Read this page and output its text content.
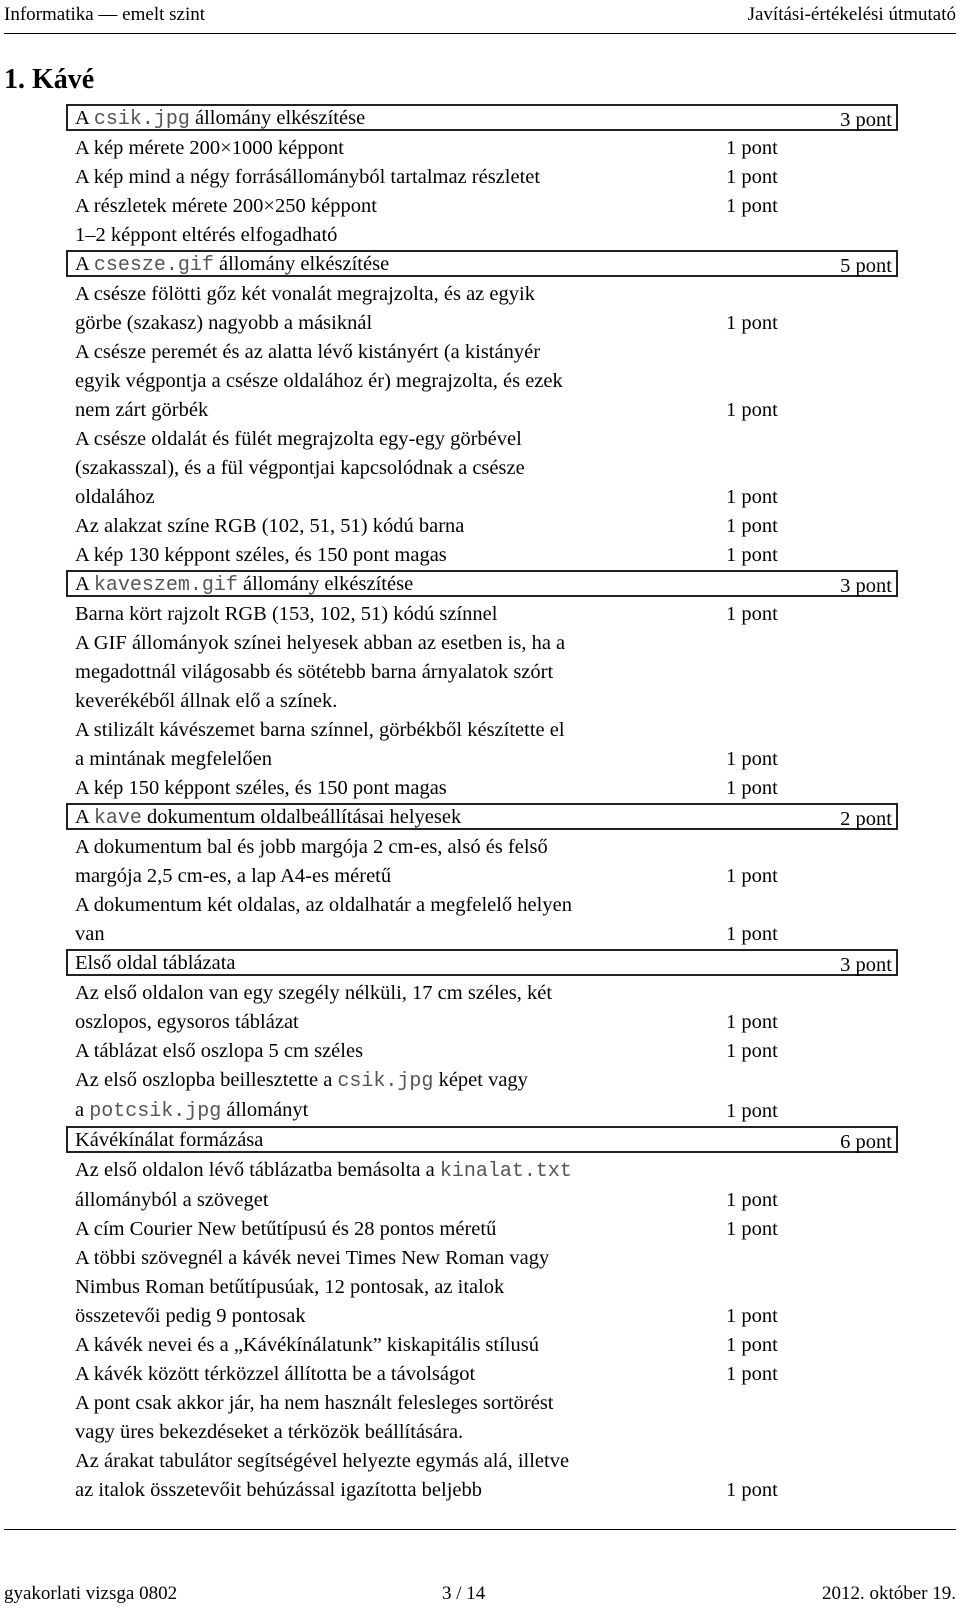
Informatika — emelt szint	Javítási-értékelési útmutató
1. Kávé
A csik.jpg állomány elkészítése	3 pont
A kép mérete 200×1000 képpont	1 pont
A kép mind a négy forrásállományból tartalmaz részletet	1 pont
A részletek mérete 200×250 képpont	1 pont
1–2 képpont eltérés elfogadható
A csesze.gif állomány elkészítése	5 pont
A csésze fölötti gőz két vonalát megrajzolta, és az egyik
görbe (szakasz) nagyobb a másiknál	1 pont
A csésze peremét és az alatta lévő kistányért (a kistányér
egyik végpontja a csésze oldalához ér) megrajzolta, és ezek
nem zárt görbék	1 pont
A csésze oldalát és fülét megrajzolta egy-egy görbével
(szakasszal), és a fül végpontjai kapcsolódnak a csésze
oldalához	1 pont
Az alakzat színe RGB (102, 51, 51) kódú barna	1 pont
A kép 130 képpont széles, és 150 pont magas	1 pont
A kaveszem.gif állomány elkészítése	3 pont
Barna kört rajzolt RGB (153, 102, 51) kódú színnel	1 pont
A GIF állományok színei helyesek abban az esetben is, ha a
megadottnál világosabb és sötétebb barna árnyalatok szórt
keverékéből állnak elő a színek.
A stilizált kávészemet barna színnel, görbékből készítette el
a mintának megfelelően	1 pont
A kép 150 képpont széles, és 150 pont magas	1 pont
A kave dokumentum oldalbeállításai helyesek	2 pont
A dokumentum bal és jobb margója 2 cm-es, alsó és felső
margója 2,5 cm-es, a lap A4-es méretű	1 pont
A dokumentum két oldalas, az oldalhatár a megfelelő helyen
van	1 pont
Első oldal táblázata	3 pont
Az első oldalon van egy szegély nélküli, 17 cm széles, két
oszlopos, egysoros táblázat	1 pont
A táblázat első oszlopa 5 cm széles	1 pont
Az első oszlopba beillesztette a csik.jpg képet vagy
a potcsik.jpg állományt	1 pont
Kávékínálat formázása	6 pont
Az első oldalon lévő táblázatba bemásolta a kinalat.txt
állományból a szöveget	1 pont
A cím Courier New betűtípusú és 28 pontos méretű	1 pont
A többi szövegnél a kávék nevei Times New Roman vagy
Nimbus Roman betűtípusúak, 12 pontosak, az italok
összetevői pedig 9 pontosak	1 pont
A kávék nevei és a „Kávékínálatunk” kiskapitális stílusú	1 pont
A kávék között térközzel állította be a távolságot	1 pont
A pont csak akkor jár, ha nem használt felesleges sortörést
vagy üres bekezdéseket a térközök beállítására.
Az árakat tabulátor segítségével helyezte egymás alá, illetve
az italok összetevőit behúzással igazította beljebb	1 pont
gyakorlati vizsga 0802	3 / 14	2012. október 19.
